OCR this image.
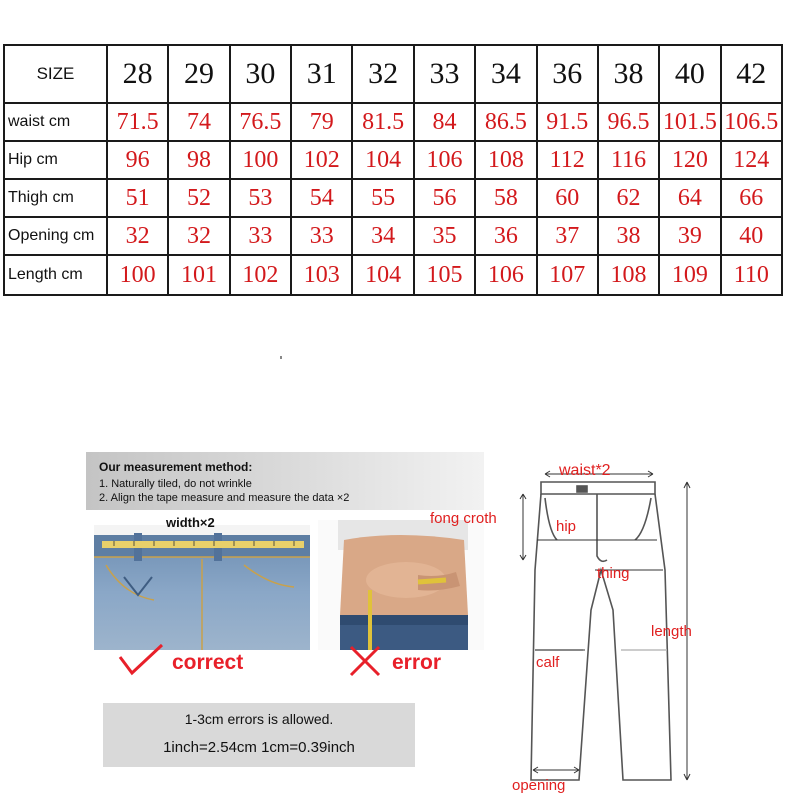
SIZE	28	29	30	31	32	33	34	36	38	40	42
waist cm	71.5	74	76.5	79	81.5	84	86.5	91.5	96.5	101.5	106.5
Hip cm	96	98	100	102	104	106	108	112	116	120	124
Thigh cm	51	52	53	54	55	56	58	60	62	64	66
Opening cm	32	32	33	33	34	35	36	37	38	39	40
Length cm	100	101	102	103	104	105	106	107	108	109	110
Our measurement method:
1. Naturally tiled, do not wrinkle
2. Align the tape measure and measure the data ×2
width×2
correct	error
1-3cm errors is allowed.
1inch=2.54cm 1cm=0.39inch
waist*2
fong croth	hip
thing
length
calf
opening
